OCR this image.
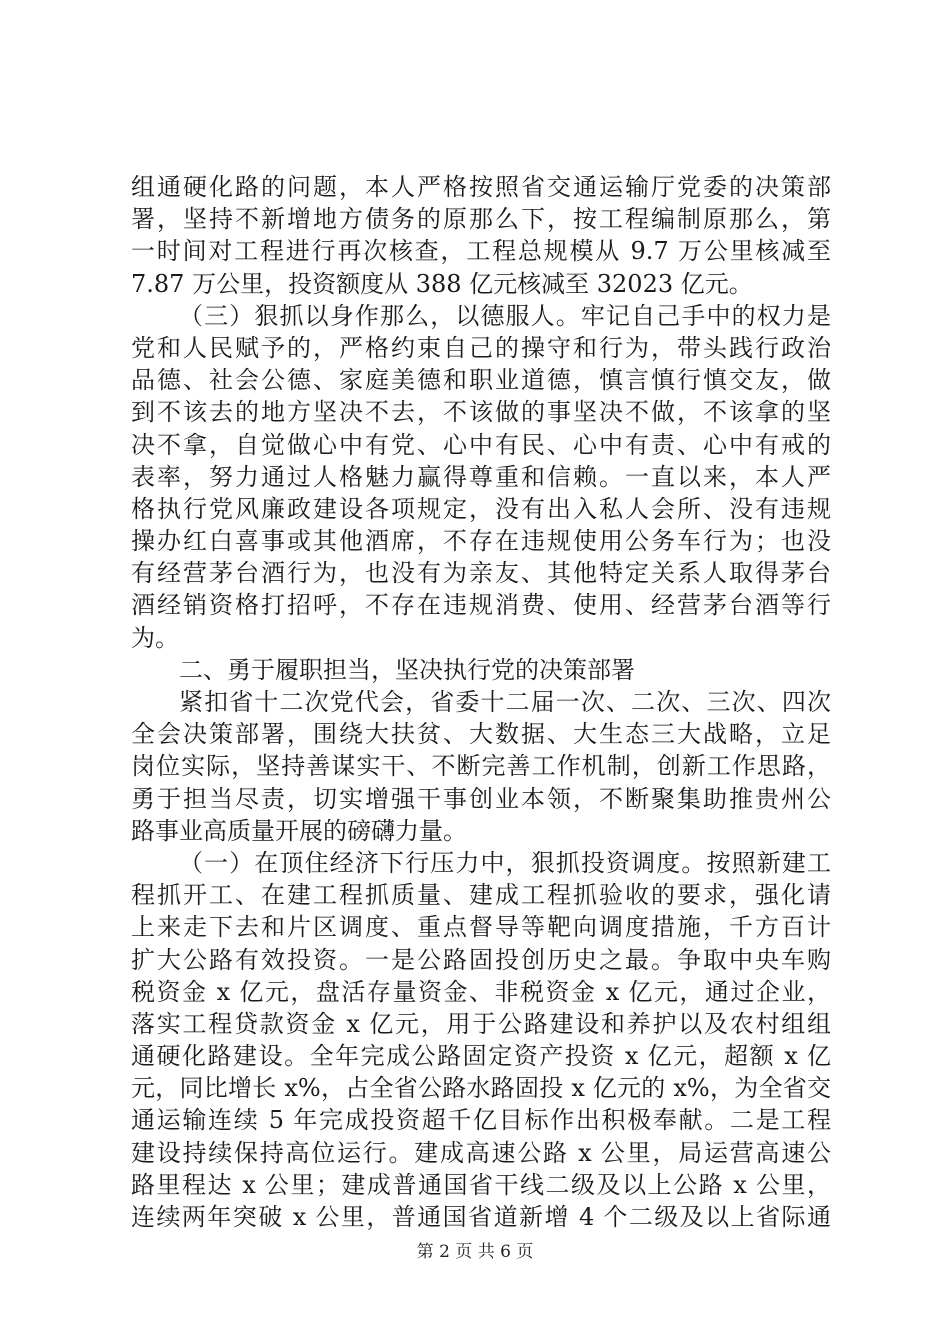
组通硬化路的问题，本人严格按照省交通运输厅党委的决策部
署，坚持不新增地方债务的原那么下，按工程编制原那么，第
一时间对工程进行再次核查，工程总规模从 9.7 万公里核减至
7.87 万公里，投资额度从 388 亿元核减至 32023 亿元。
（三）狠抓以身作那么，以德服人。牢记自己手中的权力是
党和人民赋予的，严格约束自己的操守和行为，带头践行政治
品德、社会公德、家庭美德和职业道德，慎言慎行慎交友，做
到不该去的地方坚决不去，不该做的事坚决不做，不该拿的坚
决不拿，自觉做心中有党、心中有民、心中有责、心中有戒的
表率，努力通过人格魅力赢得尊重和信赖。一直以来，本人严
格执行党风廉政建设各项规定，没有出入私人会所、没有违规
操办红白喜事或其他酒席，不存在违规使用公务车行为；也没
有经营茅台酒行为，也没有为亲友、其他特定关系人取得茅台
酒经销资格打招呼，不存在违规消费、使用、经营茅台酒等行
为。
二、勇于履职担当，坚决执行党的决策部署
紧扣省十二次党代会，省委十二届一次、二次、三次、四次
全会决策部署，围绕大扶贫、大数据、大生态三大战略，立足
岗位实际，坚持善谋实干、不断完善工作机制，创新工作思路，
勇于担当尽责，切实增强干事创业本领，不断聚集助推贵州公
路事业高质量开展的磅礴力量。
（一）在顶住经济下行压力中，狠抓投资调度。按照新建工
程抓开工、在建工程抓质量、建成工程抓验收的要求，强化请
上来走下去和片区调度、重点督导等靶向调度措施，千方百计
扩大公路有效投资。一是公路固投创历史之最。争取中央车购
税资金 x 亿元，盘活存量资金、非税资金 x 亿元，通过企业，
落实工程贷款资金 x 亿元，用于公路建设和养护以及农村组组
通硬化路建设。全年完成公路固定资产投资 x 亿元，超额 x 亿
元，同比增长 x%，占全省公路水路固投 x 亿元的 x%，为全省交
通运输连续 5 年完成投资超千亿目标作出积极奉献。二是工程
建设持续保持高位运行。建成高速公路 x 公里，局运营高速公
路里程达 x 公里；建成普通国省干线二级及以上公路 x 公里，
连续两年突破 x 公里，普通国省道新增 4 个二级及以上省际通
第 2 页 共 6 页
